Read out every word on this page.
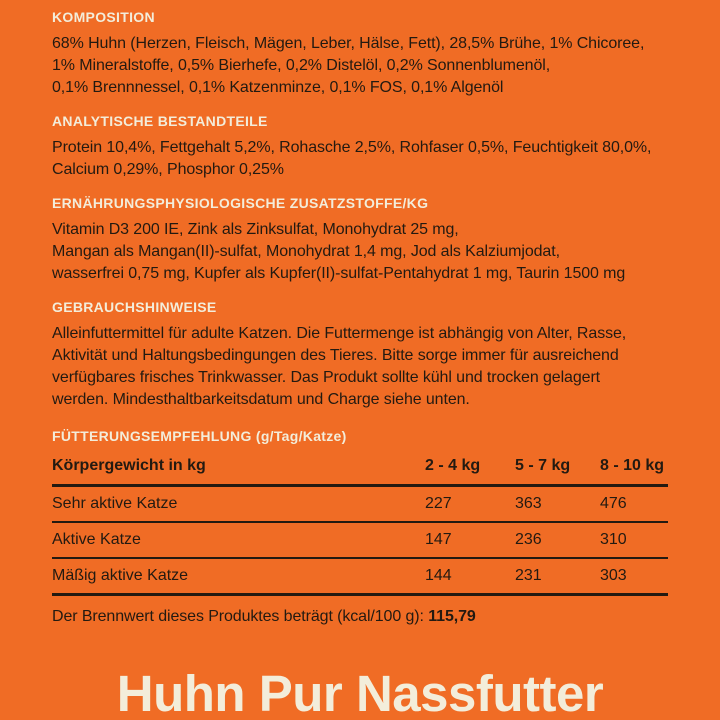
KOMPOSITION
68% Huhn (Herzen, Fleisch, Mägen, Leber, Hälse, Fett), 28,5% Brühe, 1% Chicoree,
1% Mineralstoffe, 0,5% Bierhefe, 0,2% Distelöl, 0,2% Sonnenblumenöl,
0,1% Brennnessel, 0,1% Katzenminze, 0,1% FOS, 0,1% Algenöl
ANALYTISCHE BESTANDTEILE
Protein 10,4%, Fettgehalt 5,2%, Rohasche 2,5%, Rohfaser 0,5%, Feuchtigkeit 80,0%,
Calcium 0,29%, Phosphor 0,25%
ERNÄHRUNGSPHYSIOLOGISCHE ZUSATZSTOFFE/KG
Vitamin D3 200 IE, Zink als Zinksulfat, Monohydrat 25 mg,
Mangan als Mangan(II)-sulfat, Monohydrat 1,4 mg, Jod als Kalziumjodat,
wasserfrei 0,75 mg, Kupfer als Kupfer(II)-sulfat-Pentahydrat 1 mg, Taurin 1500 mg
GEBRAUCHSHINWEISE
Alleinfuttermittel für adulte Katzen. Die Futtermenge ist abhängig von Alter, Rasse,
Aktivität und Haltungsbedingungen des Tieres. Bitte sorge immer für ausreichend
verfügbares frisches Trinkwasser. Das Produkt sollte kühl und trocken gelagert
werden. Mindesthaltbarkeitsdatum und Charge siehe unten.
FÜTTERUNGSEMPFEHLUNG (g/Tag/Katze)
Körpergewicht in kg	2 - 4 kg	5 - 7 kg	8 - 10 kg
Sehr aktive Katze	227	363	476
Aktive Katze	147	236	310
Mäßig aktive Katze	144	231	303
Der Brennwert dieses Produktes beträgt (kcal/100 g): 115,79
Huhn Pur Nassfutter
